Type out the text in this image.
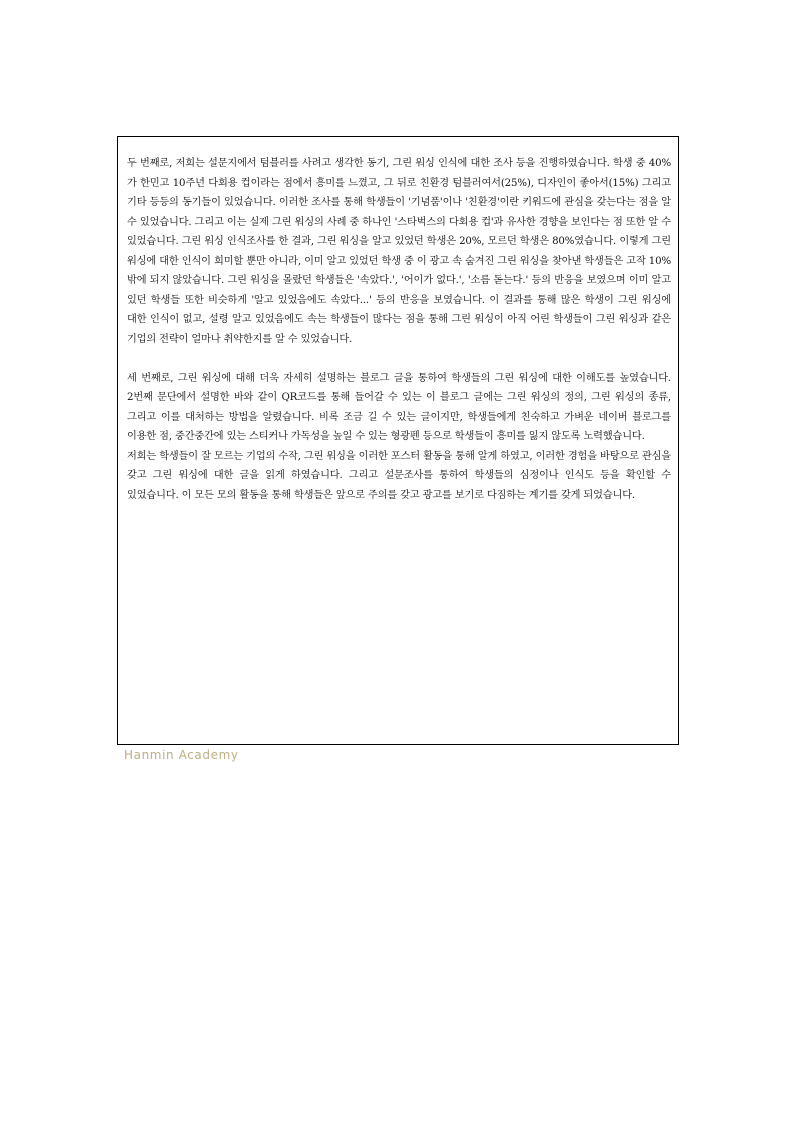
두 번째로, 저희는 설문지에서 텀블러를 사려고 생각한 동기, 그린 워싱 인식에 대한 조사 등을 진행하였습니다. 학생 중 40%가 한민고 10주년 다회용 컵이라는 점에서 흥미를 느꼈고, 그 뒤로 친환경 텀블러여서(25%), 디자인이 좋아서(15%) 그리고 기타 등등의 동기들이 있었습니다. 이러한 조사를 통해 학생들이 '기념품'이나 '친환경'이란 키워드에 관심을 갖는다는 점을 알 수 있었습니다. 그리고 이는 실제 그린 워싱의 사례 중 하나인 '스타벅스의 다회용 컵'과 유사한 경향을 보인다는 점 또한 알 수 있었습니다. 그린 워싱 인식조사를 한 결과, 그린 워싱을 알고 있었던 학생은 20%, 모르던 학생은 80%였습니다. 이렇게 그린 워싱에 대한 인식이 희미할 뿐만 아니라, 이미 알고 있었던 학생 중 이 광고 속 숨겨진 그린 워싱을 찾아낸 학생들은 고작 10%밖에 되지 않았습니다. 그린 워싱을 몰랐던 학생들은 '속았다.', '어이가 없다.', '소름 돋는다.' 등의 반응을 보였으며 이미 알고 있던 학생들 또한 비슷하게 '알고 있었음에도 속았다...' 등의 반응을 보였습니다. 이 결과를 통해 많은 학생이 그린 워싱에 대한 인식이 없고, 설령 알고 있었음에도 속는 학생들이 많다는 점을 통해 그린 워싱이 아직 어린 학생들이 그린 워싱과 같은 기업의 전략이 얼마나 취약한지를 알 수 있었습니다.

세 번째로, 그린 워싱에 대해 더욱 자세히 설명하는 블로그 글을 통하여 학생들의 그린 워싱에 대한 이해도를 높였습니다. 2번째 문단에서 설명한 바와 같이 QR코드를 통해 들어갈 수 있는 이 블로그 글에는 그린 워싱의 정의, 그린 워싱의 종류, 그리고 이를 대처하는 방법을 알렸습니다. 비록 조금 길 수 있는 글이지만, 학생들에게 친숙하고 가벼운 네이버 블로그를 이용한 점, 중간중간에 있는 스티커나 가독성을 높일 수 있는 형광펜 등으로 학생들이 흥미를 잃지 않도록 노력했습니다.

저희는 학생들이 잘 모르는 기업의 수작, 그린 워싱을 이러한 포스터 활동을 통해 알게 하였고, 이러한 경험을 바탕으로 관심을 갖고 그린 워싱에 대한 글을 읽게 하였습니다. 그리고 설문조사를 통하여 학생들의 심정이나 인식도 등을 확인할 수 있었습니다. 이 모든 모의 활동을 통해 학생들은 앞으로 주의를 갖고 광고를 보기로 다짐하는 계기를 갖게 되었습니다.

Hanmin Academy
